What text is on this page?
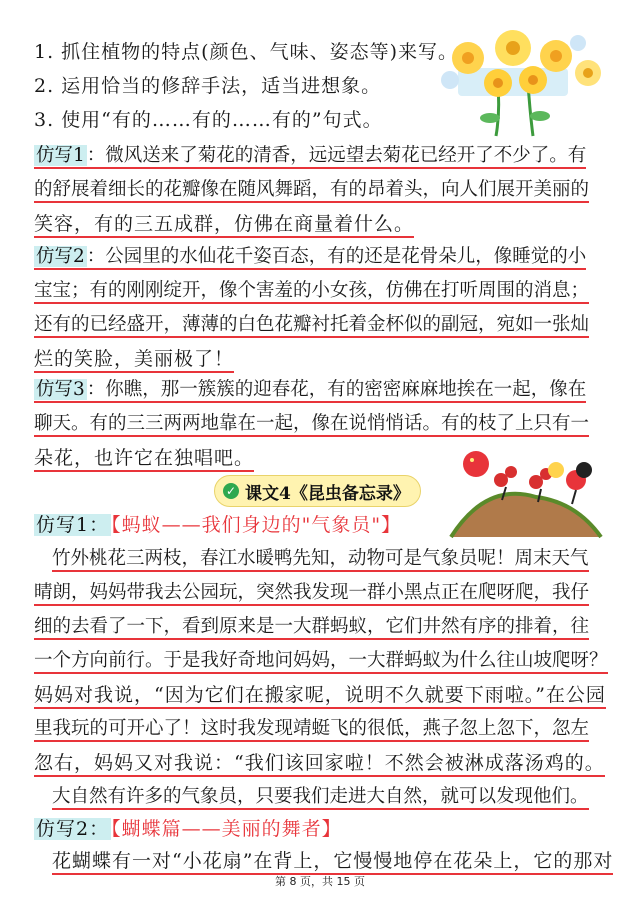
1. 抓住植物的特点(颜色、气味、姿态等)来写。
2. 运用恰当的修辞手法，适当进想象。
3. 使用“有的……有的……有的”句式。
仿写1 ：微风送来了菊花的清香，远远望去菊花已经开了不少了。有
的舒展着细长的花瓣像在随风舞蹈，有的昂着头，向人们展开美丽的
笑容，有的三五成群，仿佛在商量着什么。
仿写2 ：公园里的水仙花千姿百态，有的还是花骨朵儿，像睡觉的小
宝宝；有的刚刚绽开，像个害羞的小女孩，仿佛在打听周围的消息；
还有的已经盛开，薄薄的白色花瓣衬托着金杯似的副冠，宛如一张灿
烂的笑脸，美丽极了！
仿写3 ：你瞧，那一簇簇的迎春花，有的密密麻麻地挨在一起，像在
聊天。有的三三两两地靠在一起，像在说悄悄话。有的枝了上只有一
朵花，也许它在独唱吧。
✓ 课文4《昆虫备忘录》
仿写1： 【蚂蚁——我们身边的"气象员"】
竹外桃花三两枝，春江水暖鸭先知，动物可是气象员呢！周末天气
晴朗，妈妈带我去公园玩，突然我发现一群小黑点正在爬呀爬，我仔
细的去看了一下，看到原来是一大群蚂蚁，它们井然有序的排着，往
一个方向前行。于是我好奇地问妈妈，一大群蚂蚁为什么往山坡爬呀？
妈妈对我说，“因为它们在搬家呢，说明不久就要下雨啦。”在公园
里我玩的可开心了！这时我发现靖蜓飞的很低，燕子忽上忽下，忽左
忽右，妈妈又对我说：“我们该回家啦！不然会被淋成落汤鸡的。
大自然有许多的气象员，只要我们走进大自然，就可以发现他们。
仿写2： 【蝴蝶篇——美丽的舞者】
花蝴蝶有一对“小花扇”在背上，它慢慢地停在花朵上，它的那对
第 8 页，共 15 页
